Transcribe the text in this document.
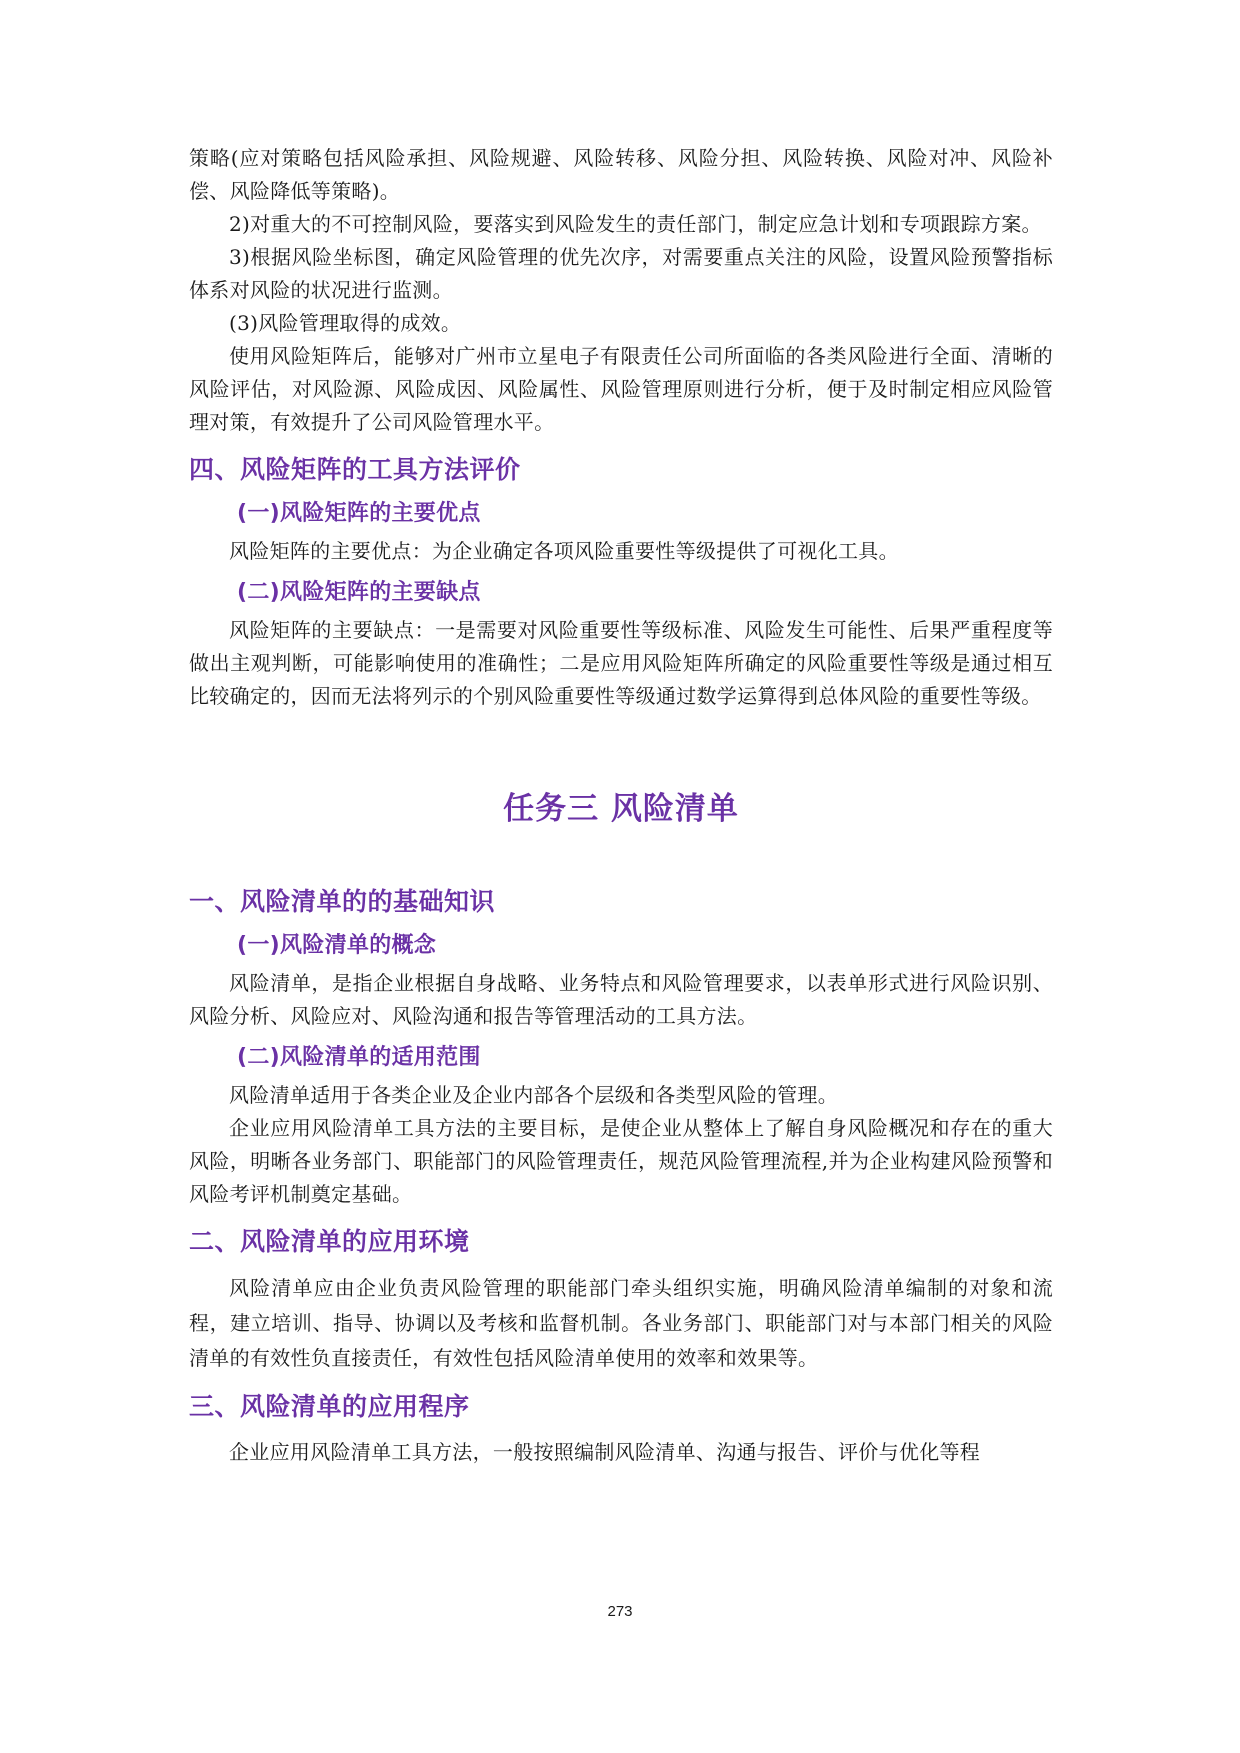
策略(应对策略包括风险承担、风险规避、风险转移、风险分担、风险转换、风险对冲、风险补偿、风险降低等策略)。

2)对重大的不可控制风险，要落实到风险发生的责任部门，制定应急计划和专项跟踪方案。

3)根据风险坐标图，确定风险管理的优先次序，对需要重点关注的风险，设置风险预警指标体系对风险的状况进行监测。

(3)风险管理取得的成效。

使用风险矩阵后，能够对广州市立星电子有限责任公司所面临的各类风险进行全面、清晰的风险评估，对风险源、风险成因、风险属性、风险管理原则进行分析，便于及时制定相应风险管理对策，有效提升了公司风险管理水平。

四、风险矩阵的工具方法评价
(一)风险矩阵的主要优点

风险矩阵的主要优点：为企业确定各项风险重要性等级提供了可视化工具。

(二)风险矩阵的主要缺点

风险矩阵的主要缺点：一是需要对风险重要性等级标准、风险发生可能性、后果严重程度等做出主观判断，可能影响使用的准确性；二是应用风险矩阵所确定的风险重要性等级是通过相互比较确定的，因而无法将列示的个别风险重要性等级通过数学运算得到总体风险的重要性等级。

任务三 风险清单
一、风险清单的的基础知识
(一)风险清单的概念

风险清单，是指企业根据自身战略、业务特点和风险管理要求，以表单形式进行风险识别、风险分析、风险应对、风险沟通和报告等管理活动的工具方法。

(二)风险清单的适用范围

风险清单适用于各类企业及企业内部各个层级和各类型风险的管理。

企业应用风险清单工具方法的主要目标，是使企业从整体上了解自身风险概况和存在的重大风险，明晰各业务部门、职能部门的风险管理责任，规范风险管理流程,并为企业构建风险预警和风险考评机制奠定基础。

二、风险清单的应用环境

风险清单应由企业负责风险管理的职能部门牵头组织实施，明确风险清单编制的对象和流程，建立培训、指导、协调以及考核和监督机制。各业务部门、职能部门对与本部门相关的风险清单的有效性负直接责任，有效性包括风险清单使用的效率和效果等。

三、风险清单的应用程序

企业应用风险清单工具方法，一般按照编制风险清单、沟通与报告、评价与优化等程

273
